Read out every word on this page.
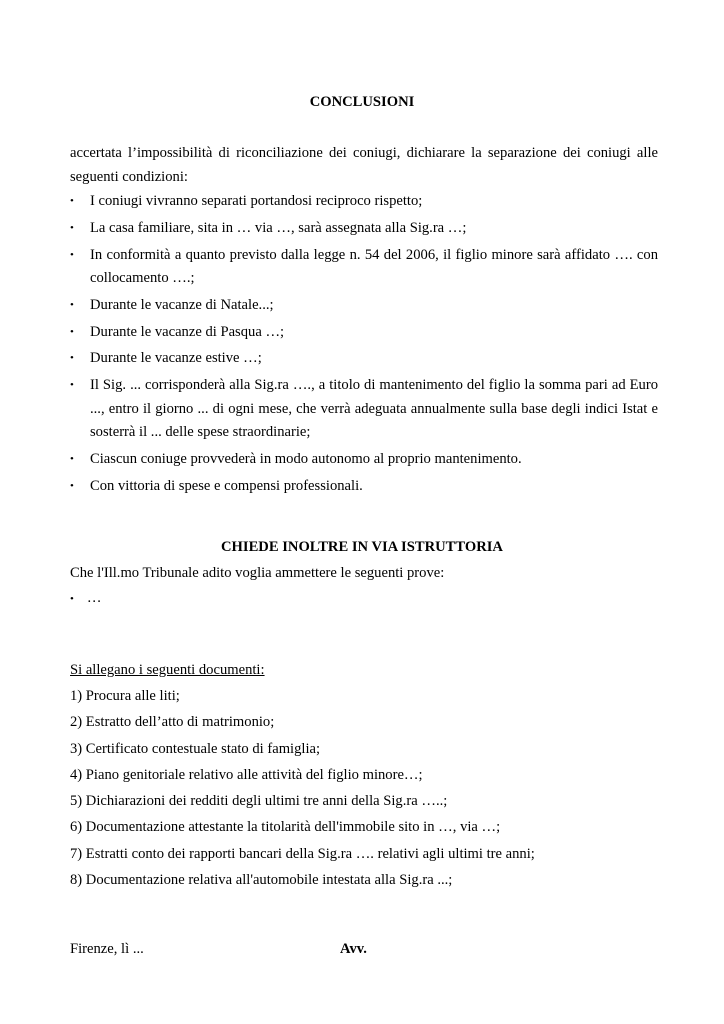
CONCLUSIONI
accertata l’impossibilità di riconciliazione dei coniugi, dichiarare la separazione dei coniugi alle seguenti condizioni:
• I coniugi vivranno separati portandosi reciproco rispetto;
• La casa familiare, sita in … via …, sarà assegnata alla Sig.ra …;
• In conformità a quanto previsto dalla legge n. 54 del 2006, il figlio minore sarà affidato …. con collocamento ….;
• Durante le vacanze di Natale...;
• Durante le vacanze di Pasqua …;
• Durante le vacanze estive …;
• Il Sig. ... corrisponderà alla Sig.ra …., a titolo di mantenimento del figlio la somma pari ad Euro ..., entro il giorno ... di ogni mese, che verrà adeguata annualmente sulla base degli indici Istat e sosterrà il ... delle spese straordinarie;
• Ciascun coniuge provvederà in modo autonomo al proprio mantenimento.
• Con vittoria di spese e compensi professionali.
CHIEDE INOLTRE IN VIA ISTRUTTORIA
Che l'Ill.mo Tribunale adito voglia ammettere le seguenti prove:
• …
Si allegano i seguenti documenti:
1) Procura alle liti;
2) Estratto dell’atto di matrimonio;
3) Certificato contestuale stato di famiglia;
4) Piano genitoriale relativo alle attività del figlio minore…;
5) Dichiarazioni dei redditi degli ultimi tre anni della Sig.ra …..;
6) Documentazione attestante la titolarità dell'immobile sito in …, via …;
7) Estratti conto dei rapporti bancari della Sig.ra …. relativi agli ultimi tre anni;
8) Documentazione relativa all'automobile intestata alla Sig.ra ...;
Firenze, lì ...	Avv.
